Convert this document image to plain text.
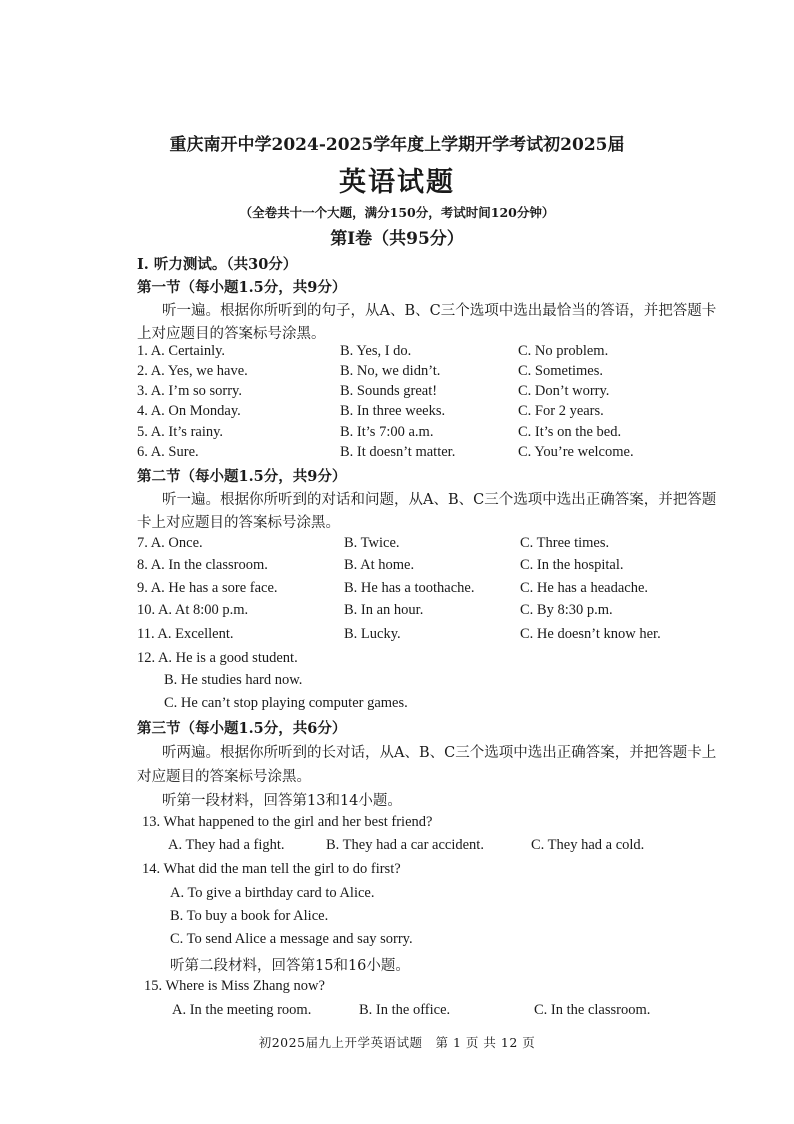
重庆南开中学2024-2025学年度上学期开学考试初2025届
英语试题
（全卷共十一个大题，满分150分，考试时间120分钟）
第Ⅰ卷（共95分）
I. 听力测试。（共30分）
第一节（每小题1.5分，共9分）
听一遍。根据你所听到的句子，从A、B、C三个选项中选出最恰当的答语，并把答题卡
上对应题目的答案标号涂黑。
1. A. Certainly.	B. Yes, I do.	C. No problem.
2. A. Yes, we have.	B. No, we didn’t.	C. Sometimes.
3. A. I’m so sorry.	B. Sounds great!	C. Don’t worry.
4. A. On Monday.	B. In three weeks.	C. For 2 years.
5. A. It’s rainy.	B. It’s 7:00 a.m.	C. It’s on the bed.
6. A. Sure.	B. It doesn’t matter.	C. You’re welcome.
第二节（每小题1.5分，共9分）
听一遍。根据你所听到的对话和问题，从A、B、C三个选项中选出正确答案，并把答题
卡上对应题目的答案标号涂黑。
7. A. Once.	B. Twice.	C. Three times.
8. A. In the classroom.	B. At home.	C. In the hospital.
9. A. He has a sore face.	B. He has a toothache.	C. He has a headache.
10. A. At 8:00 p.m.	B. In an hour.	C. By 8:30 p.m.
11. A. Excellent.	B. Lucky.	C. He doesn’t know her.
12. A. He is a good student.
B. He studies hard now.
C. He can’t stop playing computer games.
第三节（每小题1.5分，共6分）
听两遍。根据你所听到的长对话，从A、B、C三个选项中选出正确答案，并把答题卡上
对应题目的答案标号涂黑。
听第一段材料，回答第13和14小题。
13. What happened to the girl and her best friend?
A. They had a fight.	B. They had a car accident.	C. They had a cold.
14. What did the man tell the girl to do first?
A. To give a birthday card to Alice.
B. To buy a book for Alice.
C. To send Alice a message and say sorry.
听第二段材料，回答第15和16小题。
15. Where is Miss Zhang now?
A. In the meeting room.	B. In the office.	C. In the classroom.
初2025届九上开学英语试题　第 1 页 共 12 页
